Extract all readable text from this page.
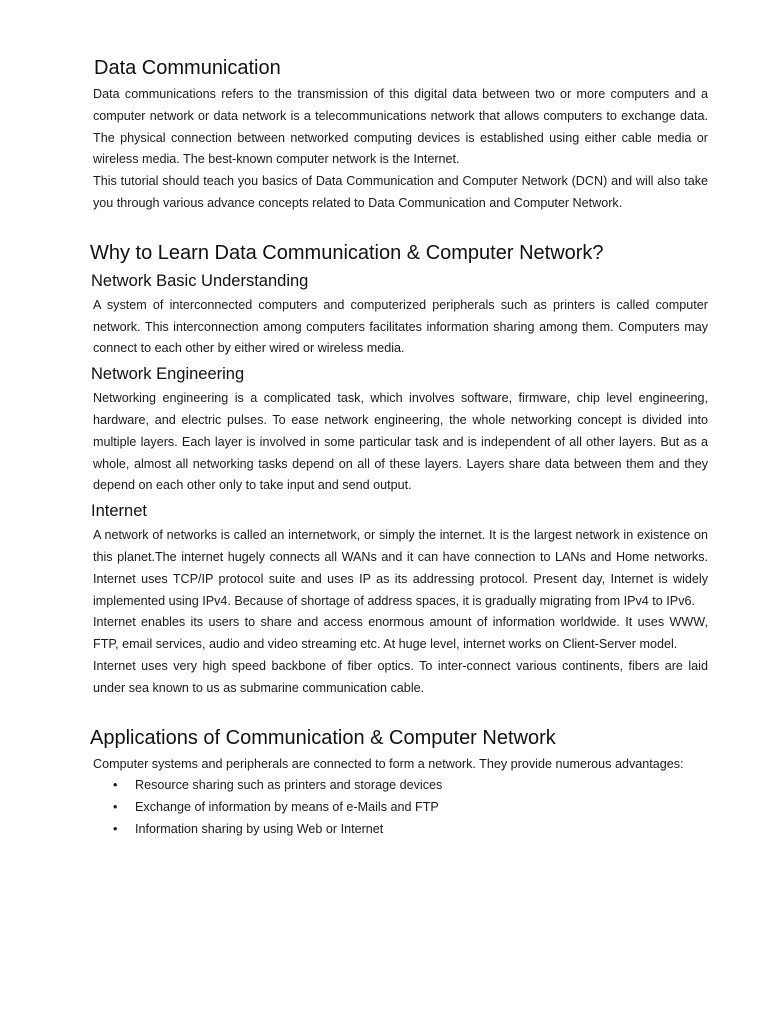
Data Communication

Data communications refers to the transmission of this digital data between two or more computers and a computer network or data network is a telecommunications network that allows computers to exchange data. The physical connection between networked computing devices is established using either cable media or wireless media. The best-known computer network is the Internet.

This tutorial should teach you basics of Data Communication and Computer Network (DCN) and will also take you through various advance concepts related to Data Communication and Computer Network.

Why to Learn Data Communication & Computer Network?
Network Basic Understanding

A system of interconnected computers and computerized peripherals such as printers is called computer network. This interconnection among computers facilitates information sharing among them. Computers may connect to each other by either wired or wireless media.

Network Engineering

Networking engineering is a complicated task, which involves software, firmware, chip level engineering, hardware, and electric pulses. To ease network engineering, the whole networking concept is divided into multiple layers. Each layer is involved in some particular task and is independent of all other layers. But as a whole, almost all networking tasks depend on all of these layers. Layers share data between them and they depend on each other only to take input and send output.

Internet

A network of networks is called an internetwork, or simply the internet. It is the largest network in existence on this planet.The internet hugely connects all WANs and it can have connection to LANs and Home networks. Internet uses TCP/IP protocol suite and uses IP as its addressing protocol. Present day, Internet is widely implemented using IPv4. Because of shortage of address spaces, it is gradually migrating from IPv4 to IPv6.

Internet enables its users to share and access enormous amount of information worldwide. It uses WWW, FTP, email services, audio and video streaming etc. At huge level, internet works on Client-Server model.

Internet uses very high speed backbone of fiber optics. To inter-connect various continents, fibers are laid under sea known to us as submarine communication cable.

Applications of Communication & Computer Network

Computer systems and peripherals are connected to form a network. They provide numerous advantages:

• Resource sharing such as printers and storage devices
• Exchange of information by means of e-Mails and FTP
• Information sharing by using Web or Internet
